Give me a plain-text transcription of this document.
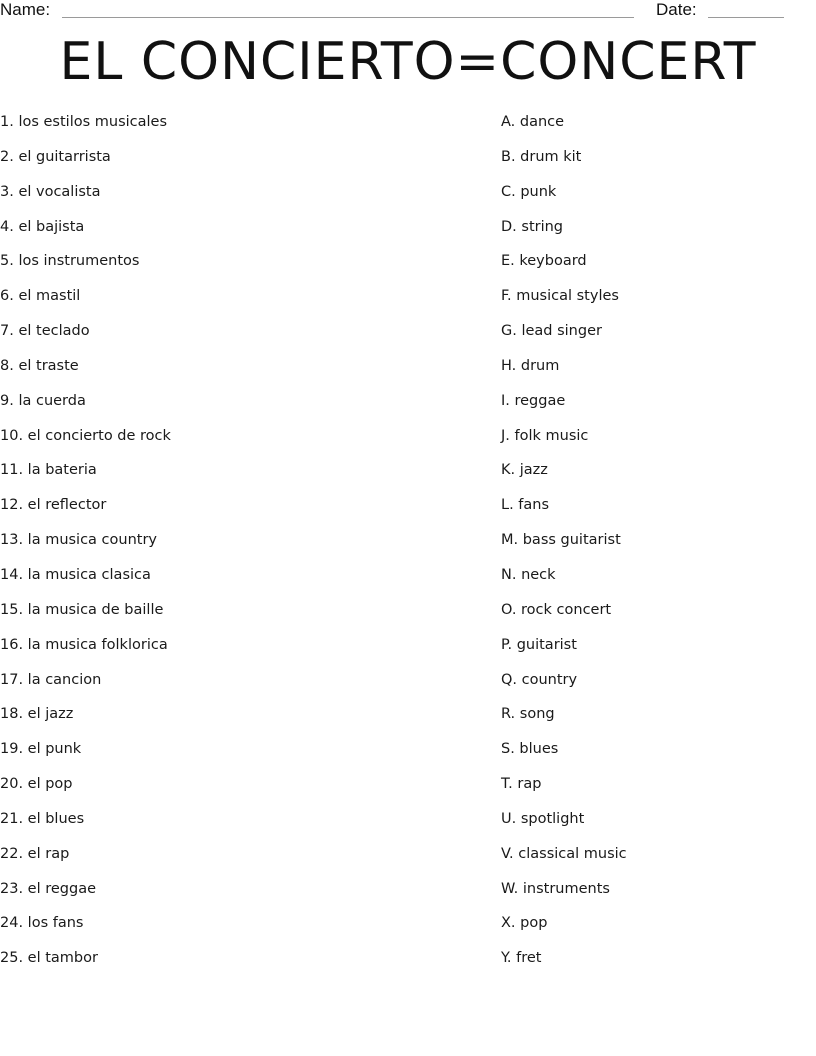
Name:	Date:
EL CONCIERTO=CONCERT
1. los estilos musicales
2. el guitarrista
3. el vocalista
4. el bajista
5. los instrumentos
6. el mastil
7. el teclado
8. el traste
9. la cuerda
10. el concierto de rock
11. la bateria
12. el reflector
13. la musica country
14. la musica clasica
15. la musica de baille
16. la musica folklorica
17. la cancion
18. el jazz
19. el punk
20. el pop
21. el blues
22. el rap
23. el reggae
24. los fans
25. el tambor
A. dance
B. drum kit
C. punk
D. string
E. keyboard
F. musical styles
G. lead singer
H. drum
I. reggae
J. folk music
K. jazz
L. fans
M. bass guitarist
N. neck
O. rock concert
P. guitarist
Q. country
R. song
S. blues
T. rap
U. spotlight
V. classical music
W. instruments
X. pop
Y. fret
